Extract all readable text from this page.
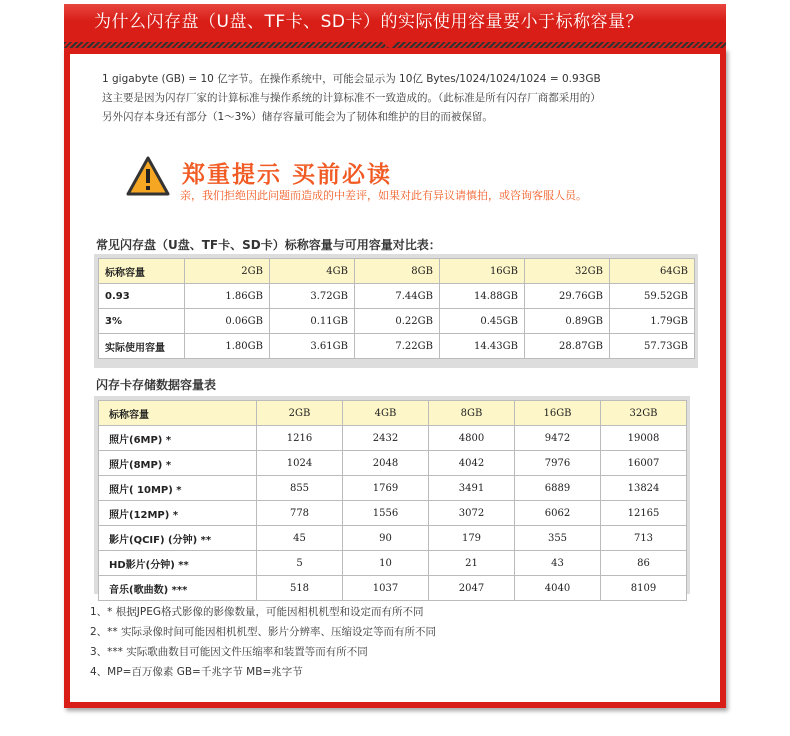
为什么闪存盘（U盘、TF卡、SD卡）的实际使用容量要小于标称容量？

1 gigabyte (GB) = 10 亿字节。在操作系统中，可能会显示为 10亿 Bytes/1024/1024/1024 = 0.93GB

这主要是因为闪存厂家的计算标准与操作系统的计算标准不一致造成的。（此标准是所有闪存厂商都采用的）

另外闪存本身还有部分（1～3%）储存容量可能会为了韧体和维护的目的而被保留。

郑重提示 买前必读
亲，我们拒绝因此问题而造成的中差评，如果对此有异议请慎拍，或咨询客服人员。
常见闪存盘（U盘、TF卡、SD卡）标称容量与可用容量对比表：
标称容量	2GB	4GB	8GB	16GB	32GB	64GB
0.93	1.86GB	3.72GB	7.44GB	14.88GB	29.76GB	59.52GB
3%	0.06GB	0.11GB	0.22GB	0.45GB	0.89GB	1.79GB
实际使用容量	1.80GB	3.61GB	7.22GB	14.43GB	28.87GB	57.73GB
闪存卡存储数据容量表
标称容量	2GB	4GB	8GB	16GB	32GB
照片(6MP) *	1216	2432	4800	9472	19008
照片(8MP) *	1024	2048	4042	7976	16007
照片( 10MP) *	855	1769	3491	6889	13824
照片(12MP) *	778	1556	3072	6062	12165
影片(QCIF) (分钟) **	45	90	179	355	713
HD影片(分钟) **	5	10	21	43	86
音乐(歌曲数) ***	518	1037	2047	4040	8109

1、* 根据JPEG格式影像的影像数量，可能因相机机型和设定而有所不同

2、** 实际录像时间可能因相机机型、影片分辨率、压缩设定等而有所不同

3、*** 实际歌曲数目可能因文件压缩率和装置等而有所不同

4、MP=百万像素 GB=千兆字节 MB=兆字节
